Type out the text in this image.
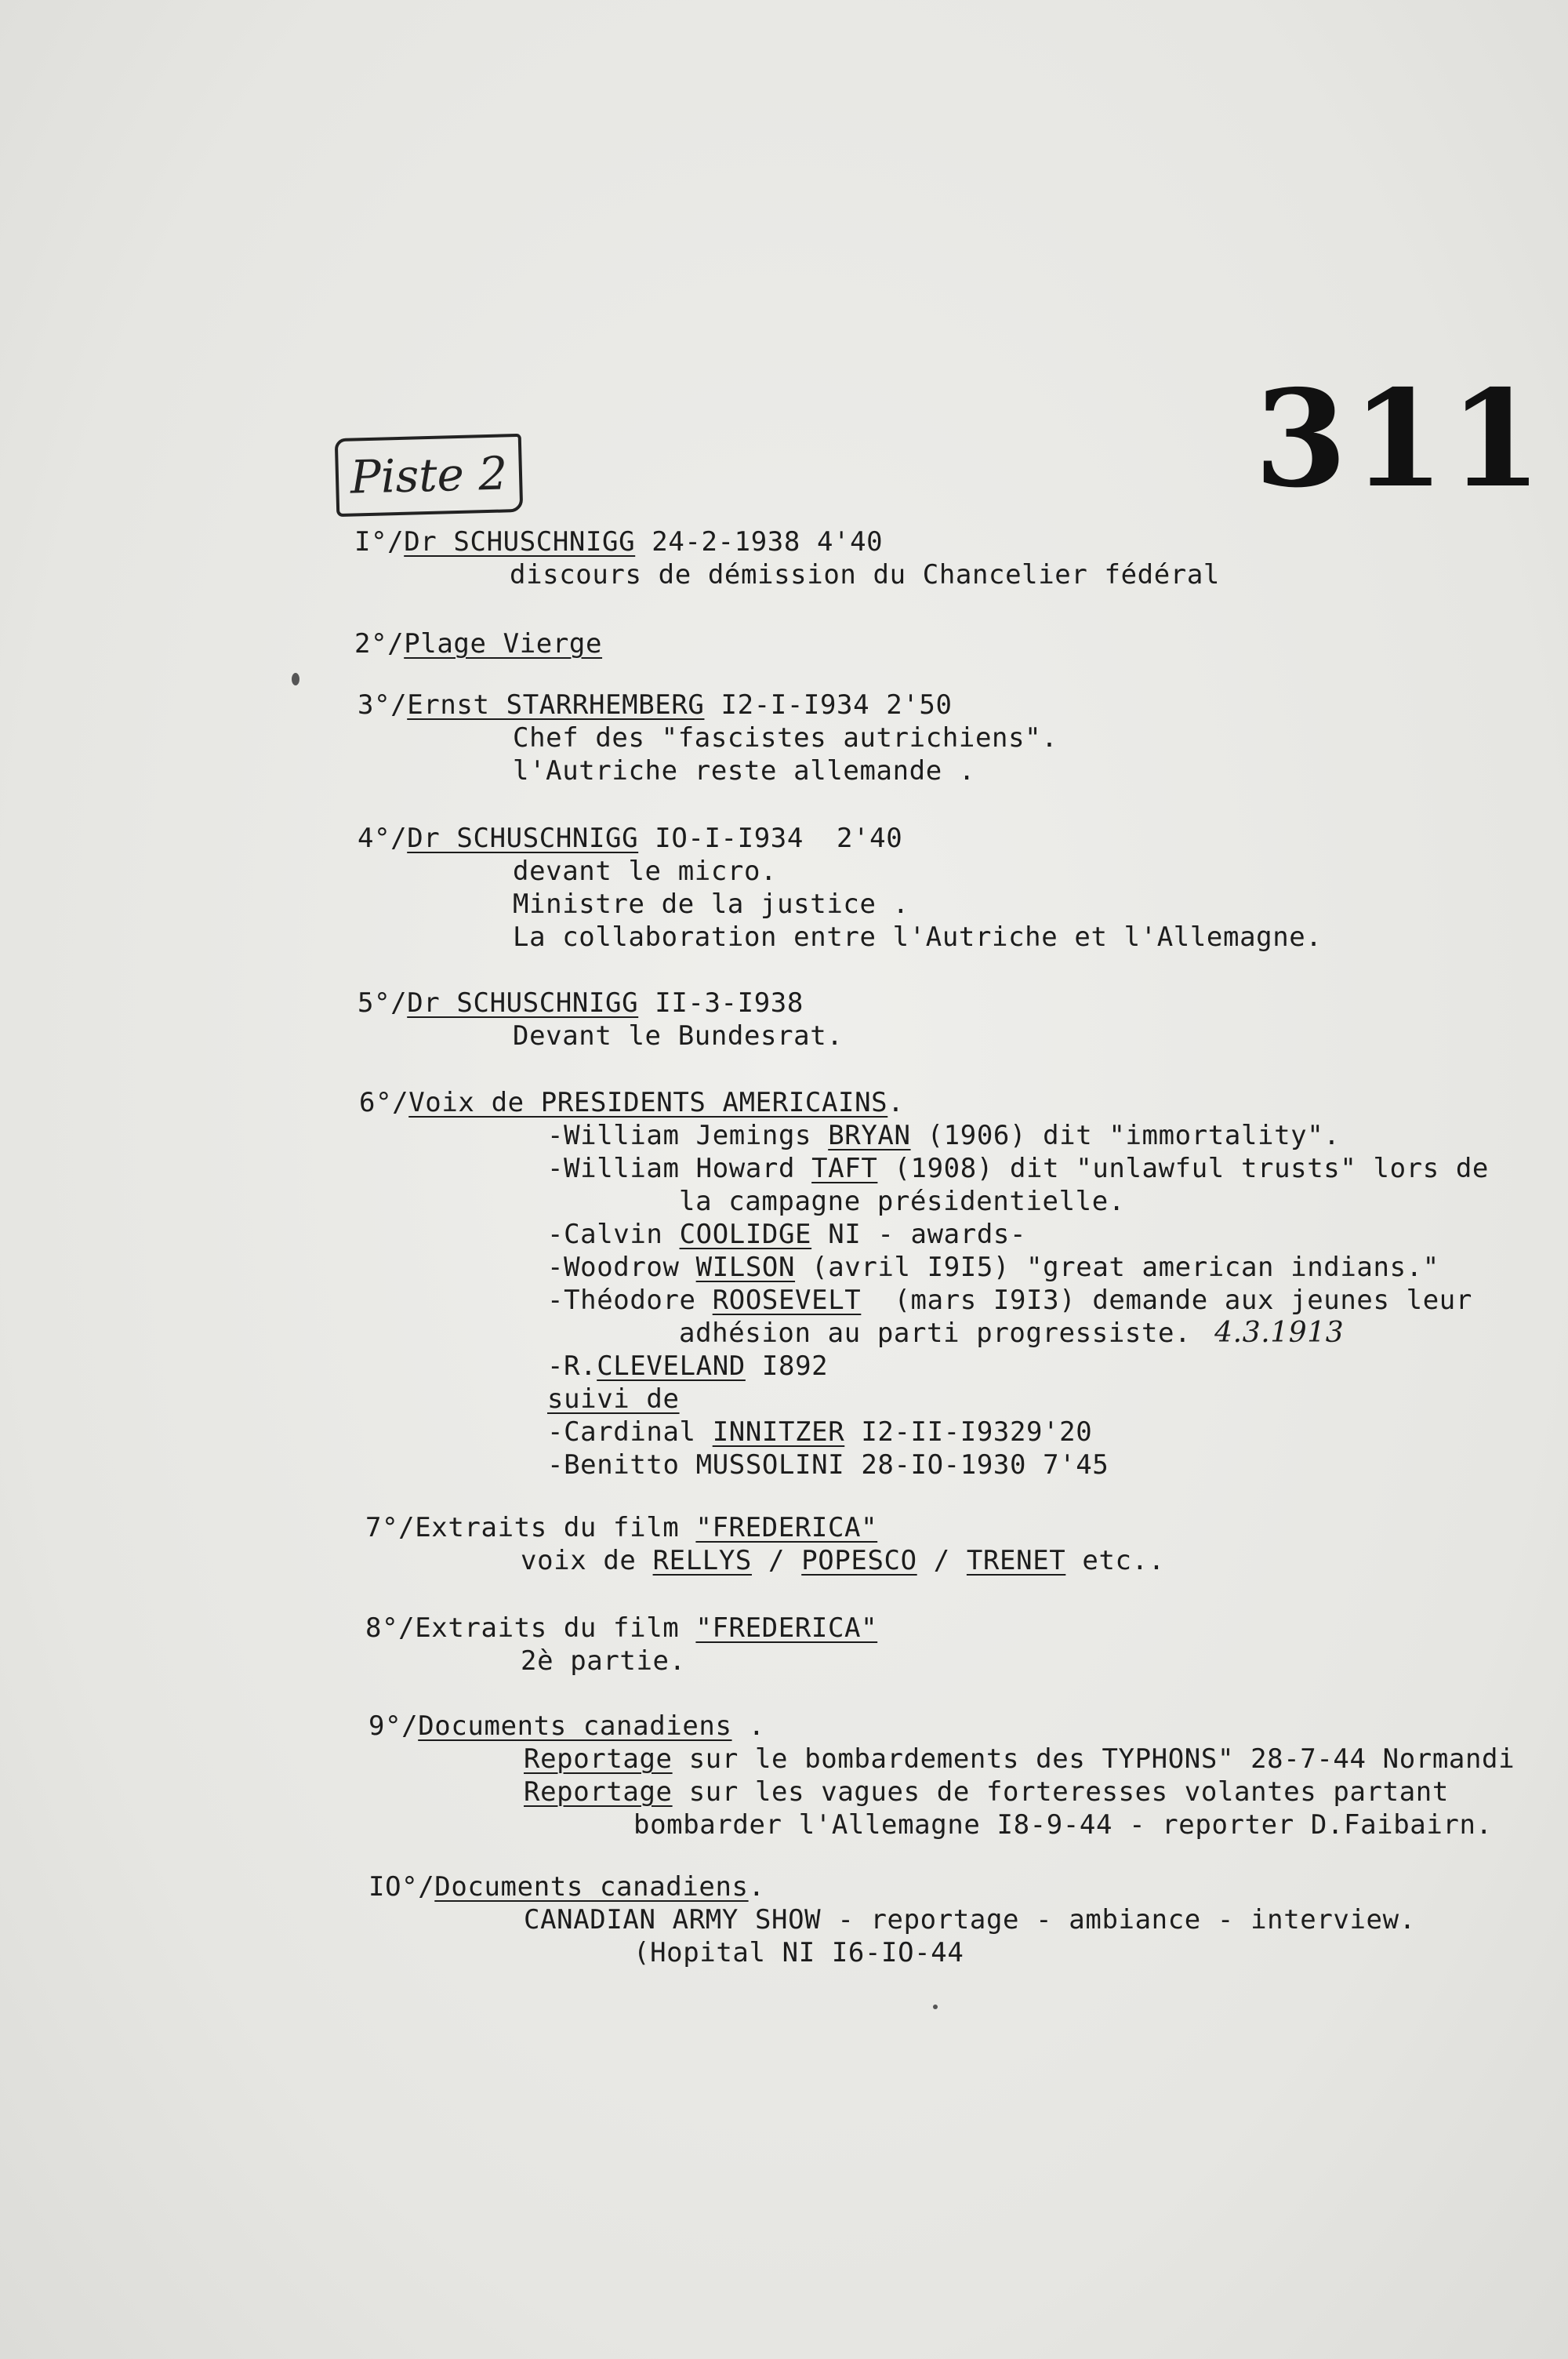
311
Piste 2
I°/Dr SCHUSCHNIGG 24-2-1938 4'40
discours de démission du Chancelier fédéral
2°/Plage Vierge
3°/Ernst STARRHEMBERG I2-I-I934 2'50
Chef des "fascistes autrichiens".
l'Autriche reste allemande .
4°/Dr SCHUSCHNIGG IO-I-I934  2'40
devant le micro.
Ministre de la justice .
La collaboration entre l'Autriche et l'Allemagne.
5°/Dr SCHUSCHNIGG II-3-I938
Devant le Bundesrat.
6°/Voix de PRESIDENTS AMERICAINS.
-William Jemings BRYAN (1906) dit "immortality".
-William Howard TAFT (1908) dit "unlawful trusts" lors de
la campagne présidentielle.
-Calvin COOLIDGE NI - awards-
-Woodrow WILSON (avril I9I5) "great american indians."
-Théodore ROOSEVELT  (mars I9I3) demande aux jeunes leur
adhésion au parti progressiste. 4.3.1913
-R.CLEVELAND I892
suivi de
-Cardinal INNITZER I2-II-I9329'20
-Benitto MUSSOLINI 28-IO-1930 7'45
7°/Extraits du film "FREDERICA"
voix de RELLYS / POPESCO / TRENET etc..
8°/Extraits du film "FREDERICA"
2è partie.
9°/Documents canadiens .
Reportage sur le bombardements des TYPHONS" 28-7-44 Normandi
Reportage sur les vagues de forteresses volantes partant
bombarder l'Allemagne I8-9-44 - reporter D.Faibairn.
IO°/Documents canadiens.
CANADIAN ARMY SHOW - reportage - ambiance - interview.
(Hopital NI I6-IO-44
